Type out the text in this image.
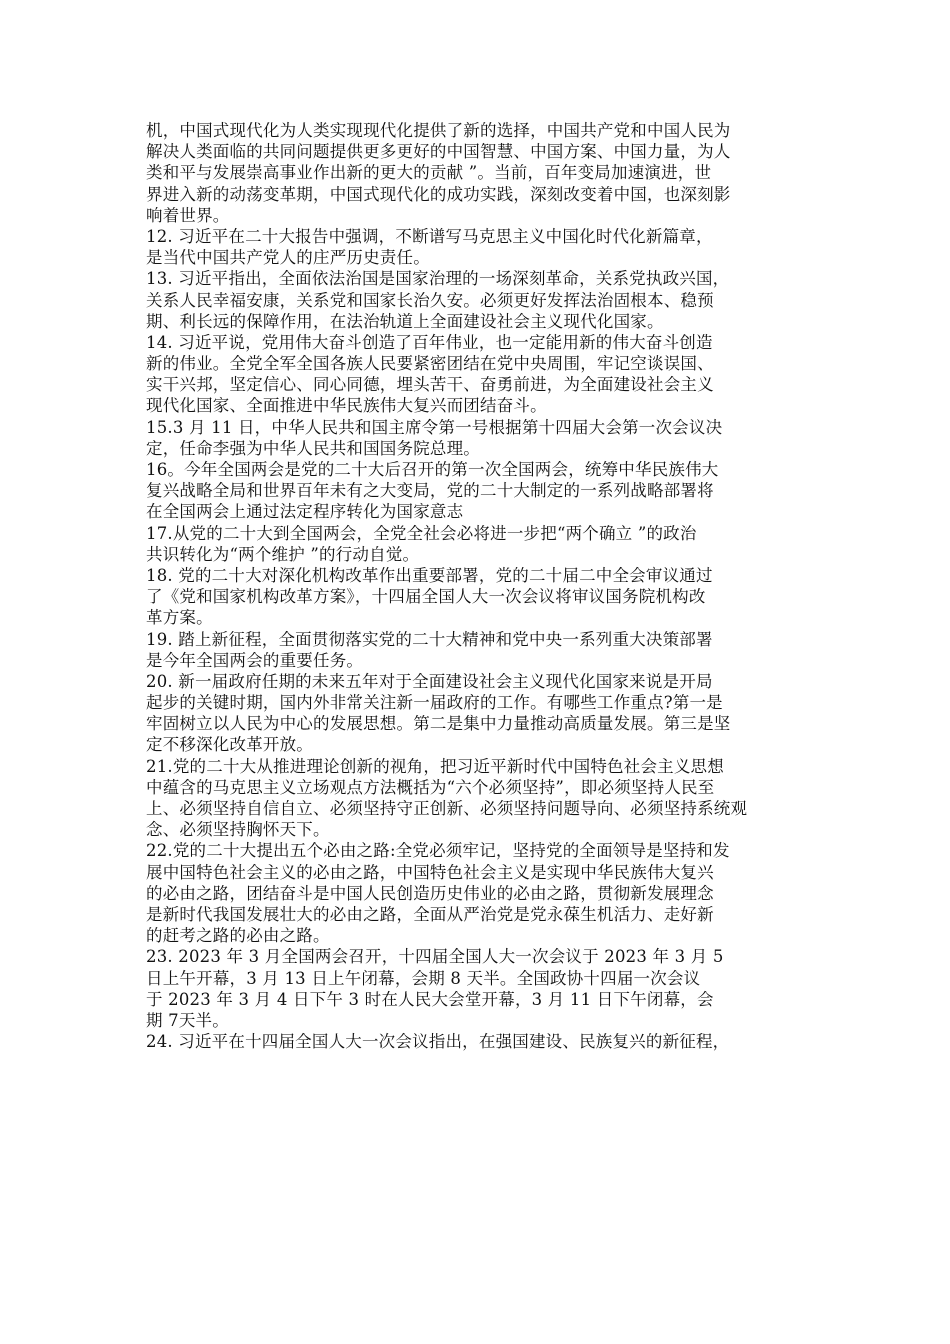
机，中国式现代化为人类实现现代化提供了新的选择，中国共产党和中国人民为
解决人类面临的共同问题提供更多更好的中国智慧、中国方案、中国力量，为人
类和平与发展崇高事业作出新的更大的贡献 ”。当前，百年变局加速演进，世
界进入新的动荡变革期，中国式现代化的成功实践，深刻改变着中国，也深刻影
响着世界。
12. 习近平在二十大报告中强调，不断谱写马克思主义中国化时代化新篇章，
是当代中国共产党人的庄严历史责任。
13. 习近平指出，全面依法治国是国家治理的一场深刻革命，关系党执政兴国，
关系人民幸福安康，关系党和国家长治久安。必须更好发挥法治固根本、稳预
期、利长远的保障作用，在法治轨道上全面建设社会主义现代化国家。
14. 习近平说，党用伟大奋斗创造了百年伟业，也一定能用新的伟大奋斗创造
新的伟业。全党全军全国各族人民要紧密团结在党中央周围，牢记空谈误国、
实干兴邦，坚定信心、同心同德，埋头苦干、奋勇前进，为全面建设社会主义
现代化国家、全面推进中华民族伟大复兴而团结奋斗。
15.3 月 11 日，中华人民共和国主席令第一号根据第十四届大会第一次会议决
定，任命李强为中华人民共和国国务院总理。
16。今年全国两会是党的二十大后召开的第一次全国两会，统筹中华民族伟大
复兴战略全局和世界百年未有之大变局，党的二十大制定的一系列战略部署将
在全国两会上通过法定程序转化为国家意志
17.从党的二十大到全国两会，全党全社会必将进一步把“两个确立 ”的政治
共识转化为“两个维护 ”的行动自觉。
18. 党的二十大对深化机构改革作出重要部署，党的二十届二中全会审议通过
了《党和国家机构改革方案》，十四届全国人大一次会议将审议国务院机构改
革方案。
19. 踏上新征程，全面贯彻落实党的二十大精神和党中央一系列重大决策部署
是今年全国两会的重要任务。
20. 新一届政府任期的未来五年对于全面建设社会主义现代化国家来说是开局
起步的关键时期，国内外非常关注新一届政府的工作。有哪些工作重点?第一是
牢固树立以人民为中心的发展思想。第二是集中力量推动高质量发展。第三是坚
定不移深化改革开放。
21.党的二十大从推进理论创新的视角，把习近平新时代中国特色社会主义思想
中蕴含的马克思主义立场观点方法概括为“六个必须坚持”，即必须坚持人民至
上、必须坚持自信自立、必须坚持守正创新、必须坚持问题导向、必须坚持系统观
念、必须坚持胸怀天下。
22.党的二十大提出五个必由之路:全党必须牢记，坚持党的全面领导是坚持和发
展中国特色社会主义的必由之路，中国特色社会主义是实现中华民族伟大复兴
的必由之路，团结奋斗是中国人民创造历史伟业的必由之路，贯彻新发展理念
是新时代我国发展壮大的必由之路，全面从严治党是党永葆生机活力、走好新
的赶考之路的必由之路。
23. 2023 年 3 月全国两会召开，十四届全国人大一次会议于 2023 年 3 月 5
日上午开幕，3 月 13 日上午闭幕，会期 8 天半。全国政协十四届一次会议
于 2023 年 3 月 4 日下午 3 时在人民大会堂开幕，3 月 11 日下午闭幕，会
期 7天半。
24. 习近平在十四届全国人大一次会议指出，在强国建设、民族复兴的新征程，
